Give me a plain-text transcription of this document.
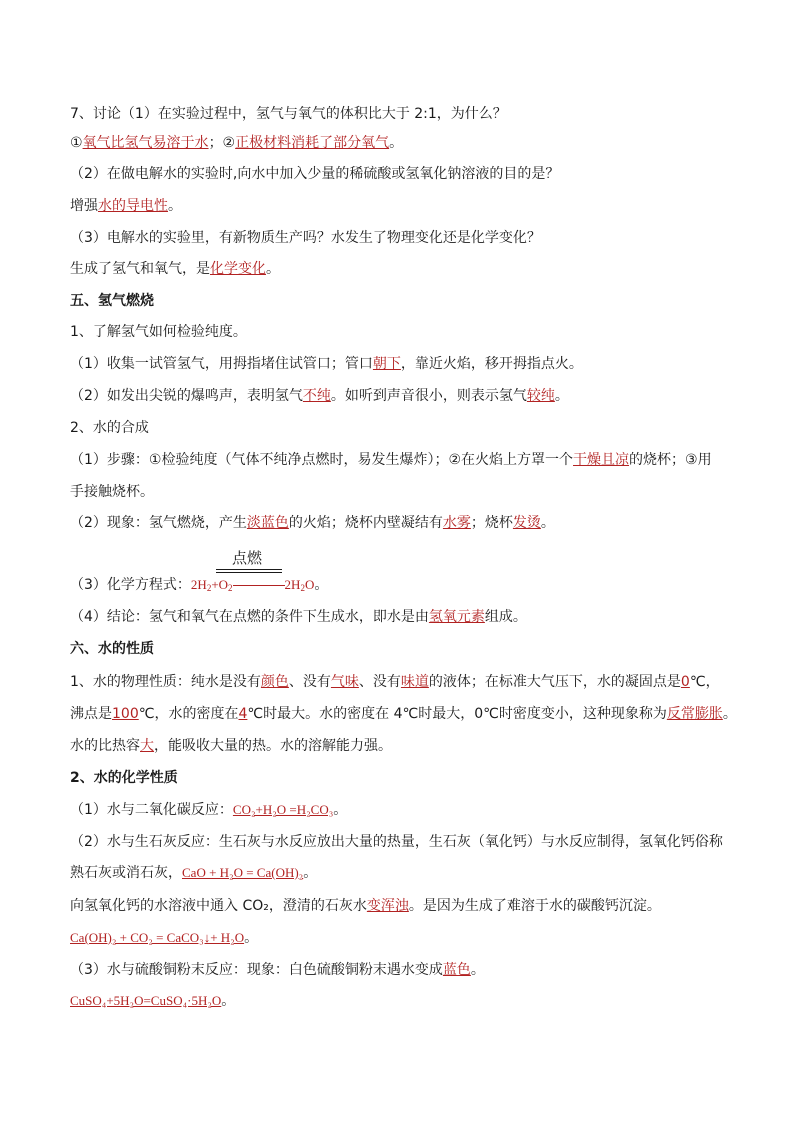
7、讨论（1）在实验过程中，氢气与氧气的体积比大于 2:1，为什么？
①氧气比氢气易溶于水；②正极材料消耗了部分氧气。
（2）在做电解水的实验时,向水中加入少量的稀硫酸或氢氧化钠溶液的目的是？
增强水的导电性。
（3）电解水的实验里，有新物质生产吗？水发生了物理变化还是化学变化？
生成了氢气和氧气，是化学变化。
五、氢气燃烧
1、了解氢气如何检验纯度。
（1）收集一试管氢气，用拇指堵住试管口；管口朝下，靠近火焰，移开拇指点火。
（2）如发出尖锐的爆鸣声，表明氢气不纯。如听到声音很小，则表示氢气较纯。
2、水的合成
（1）步骤：①检验纯度（气体不纯净点燃时，易发生爆炸）；②在火焰上方罩一个干燥且凉的烧杯；③用
手接触烧杯。
（2）现象：氢气燃烧，产生淡蓝色的火焰；烧杯内壁凝结有水雾；烧杯发烫。
点燃
（3）化学方程式：$2H_2+O_2$	$2H_2O$。
（4）结论：氢气和氧气在点燃的条件下生成水，即水是由氢氧元素组成。
六、水的性质
1、水的物理性质：纯水是没有颜色、没有气味、没有味道的液体；在标准大气压下，水的凝固点是0℃，
沸点是100℃，水的密度在4℃时最大。水的密度在 4℃时最大，0℃时密度变小，这种现象称为反常膨胀。
水的比热容大，能吸收大量的热。水的溶解能力强。
2、水的化学性质
（1）水与二氧化碳反应：CO₂+H₂O =H₂CO₃。
（2）水与生石灰反应：生石灰与水反应放出大量的热量，生石灰（氧化钙）与水反应制得，氢氧化钙俗称
熟石灰或消石灰，CaO + H₂O = Ca(OH)₂。
向氢氧化钙的水溶液中通入 CO₂，澄清的石灰水变浑浊。是因为生成了难溶于水的碳酸钙沉淀。
Ca(OH)₂ + CO₂ = CaCO₃↓+ H₂O。
（3）水与硫酸铜粉末反应：现象：白色硫酸铜粉末遇水变成蓝色。
CuSO₄+5H₂O=CuSO₄·5H₂O。
